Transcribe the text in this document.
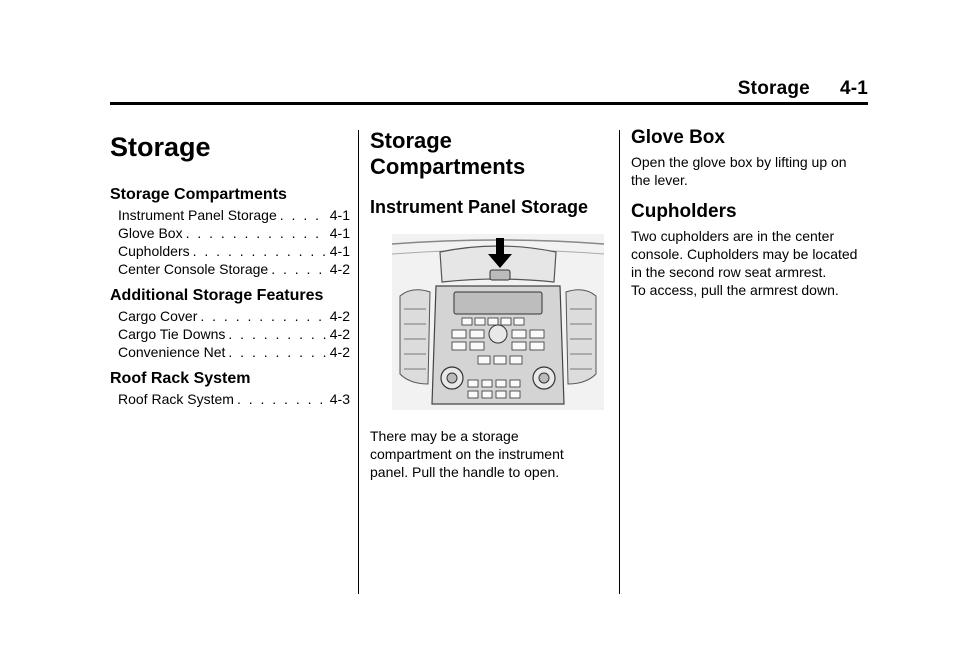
Storage 4-1
Storage
Storage Compartments
Instrument Panel Storage . . .	4-1
Glove Box . . .	4-1
Cupholders . . .	4-1
Center Console Storage . . .	4-2
Additional Storage Features
Cargo Cover . . .	4-2
Cargo Tie Downs . . .	4-2
Convenience Net . . .	4-2
Roof Rack System
Roof Rack System . . .	4-3
Storage
Compartments
Instrument Panel Storage

There may be a storage
compartment on the instrument
panel. Pull the handle to open.

Glove Box

Open the glove box by lifting up on
the lever.

Cupholders

Two cupholders are in the center
console. Cupholders may be located
in the second row seat armrest.
To access, pull the armrest down.
